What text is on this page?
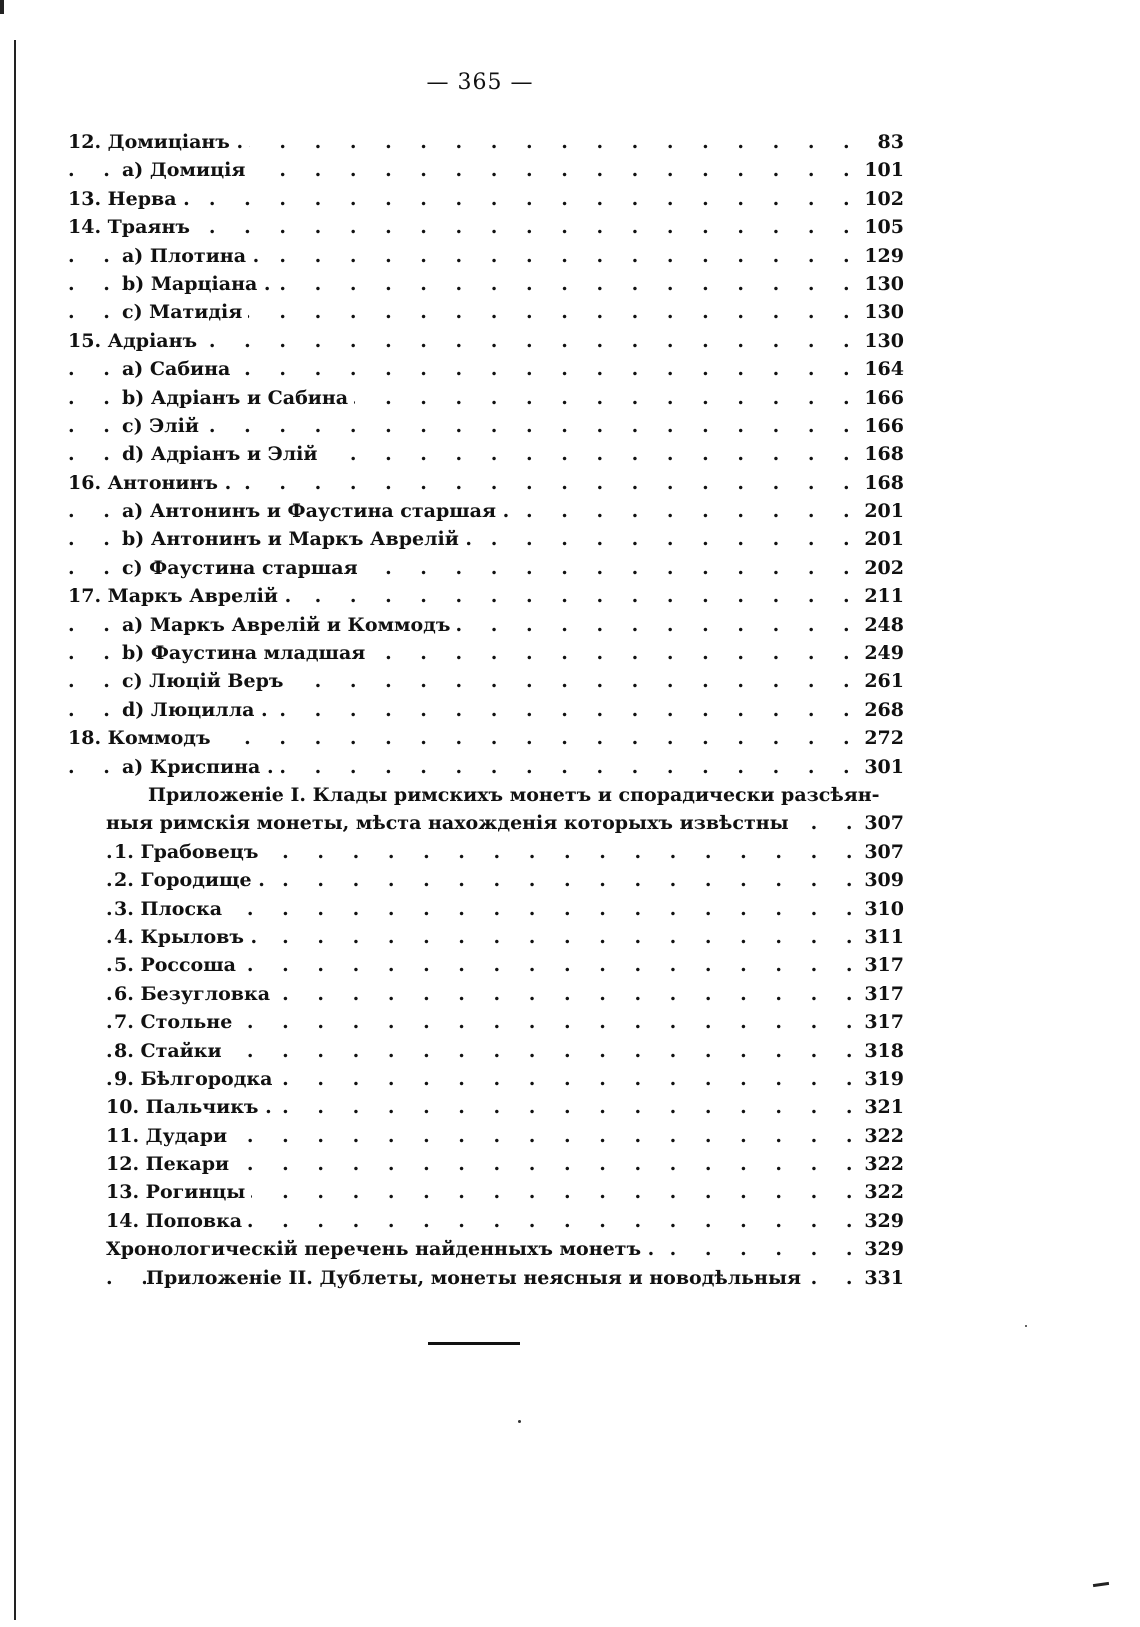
— 365 —
. . .
12. Домиціанъ .	83
. . .
a) Домиція	101
. . .
13. Нерва .	102
. . .
14. Траянъ	105
. . .
a) Плотина .	129
. . .
b) Марціана .	130
. . .
c) Матидія	130
. . .
15. Адріанъ	130
. . .
a) Сабина	164
. . .
b) Адріанъ и Сабина	166
. . .
c) Элій	166
. . .
d) Адріанъ и Элій	168
. . .
16. Антонинъ .	168
. . .
a) Антонинъ и Фаустина старшая .	201
. . .
b) Антонинъ и Маркъ Аврелій .	201
. . .
c) Фаустина старшая	202
. . .
17. Маркъ Аврелій .	211
. . .
a) Маркъ Аврелій и Коммодъ	248
. . .
b) Фаустина младшая	249
. . .
c) Люцій Веръ	261
. . .
d) Люцилла .	268
. . .
18. Коммодъ	272
. . .
a) Криспина .	301
Приложеніе I. Клады римскихъ монетъ и спорадически разсѣян-
. . .
ныя римскія монеты, мѣста нахожденія которыхъ извѣстны	307
. . .
1. Грабовецъ	307
. . .
2. Городище .	309
. . .
3. Плоска	310
. . .
4. Крыловъ .	311
. . .
5. Россоша	317
. . .
6. Безугловка	317
. . .
7. Стольне	317
. . .
8. Стайки	318
. . .
9. Бѣлгородка	319
. . .
10. Пальчикъ .	321
. . .
11. Дудари	322
. . .
12. Пекари	322
. . .
13. Рогинцы	322
. . .
14. Поповка	329
. . .
Хронологическій перечень найденныхъ монетъ .	329
. . .
Приложеніе II. Дублеты, монеты неясныя и новодѣльныя	331
